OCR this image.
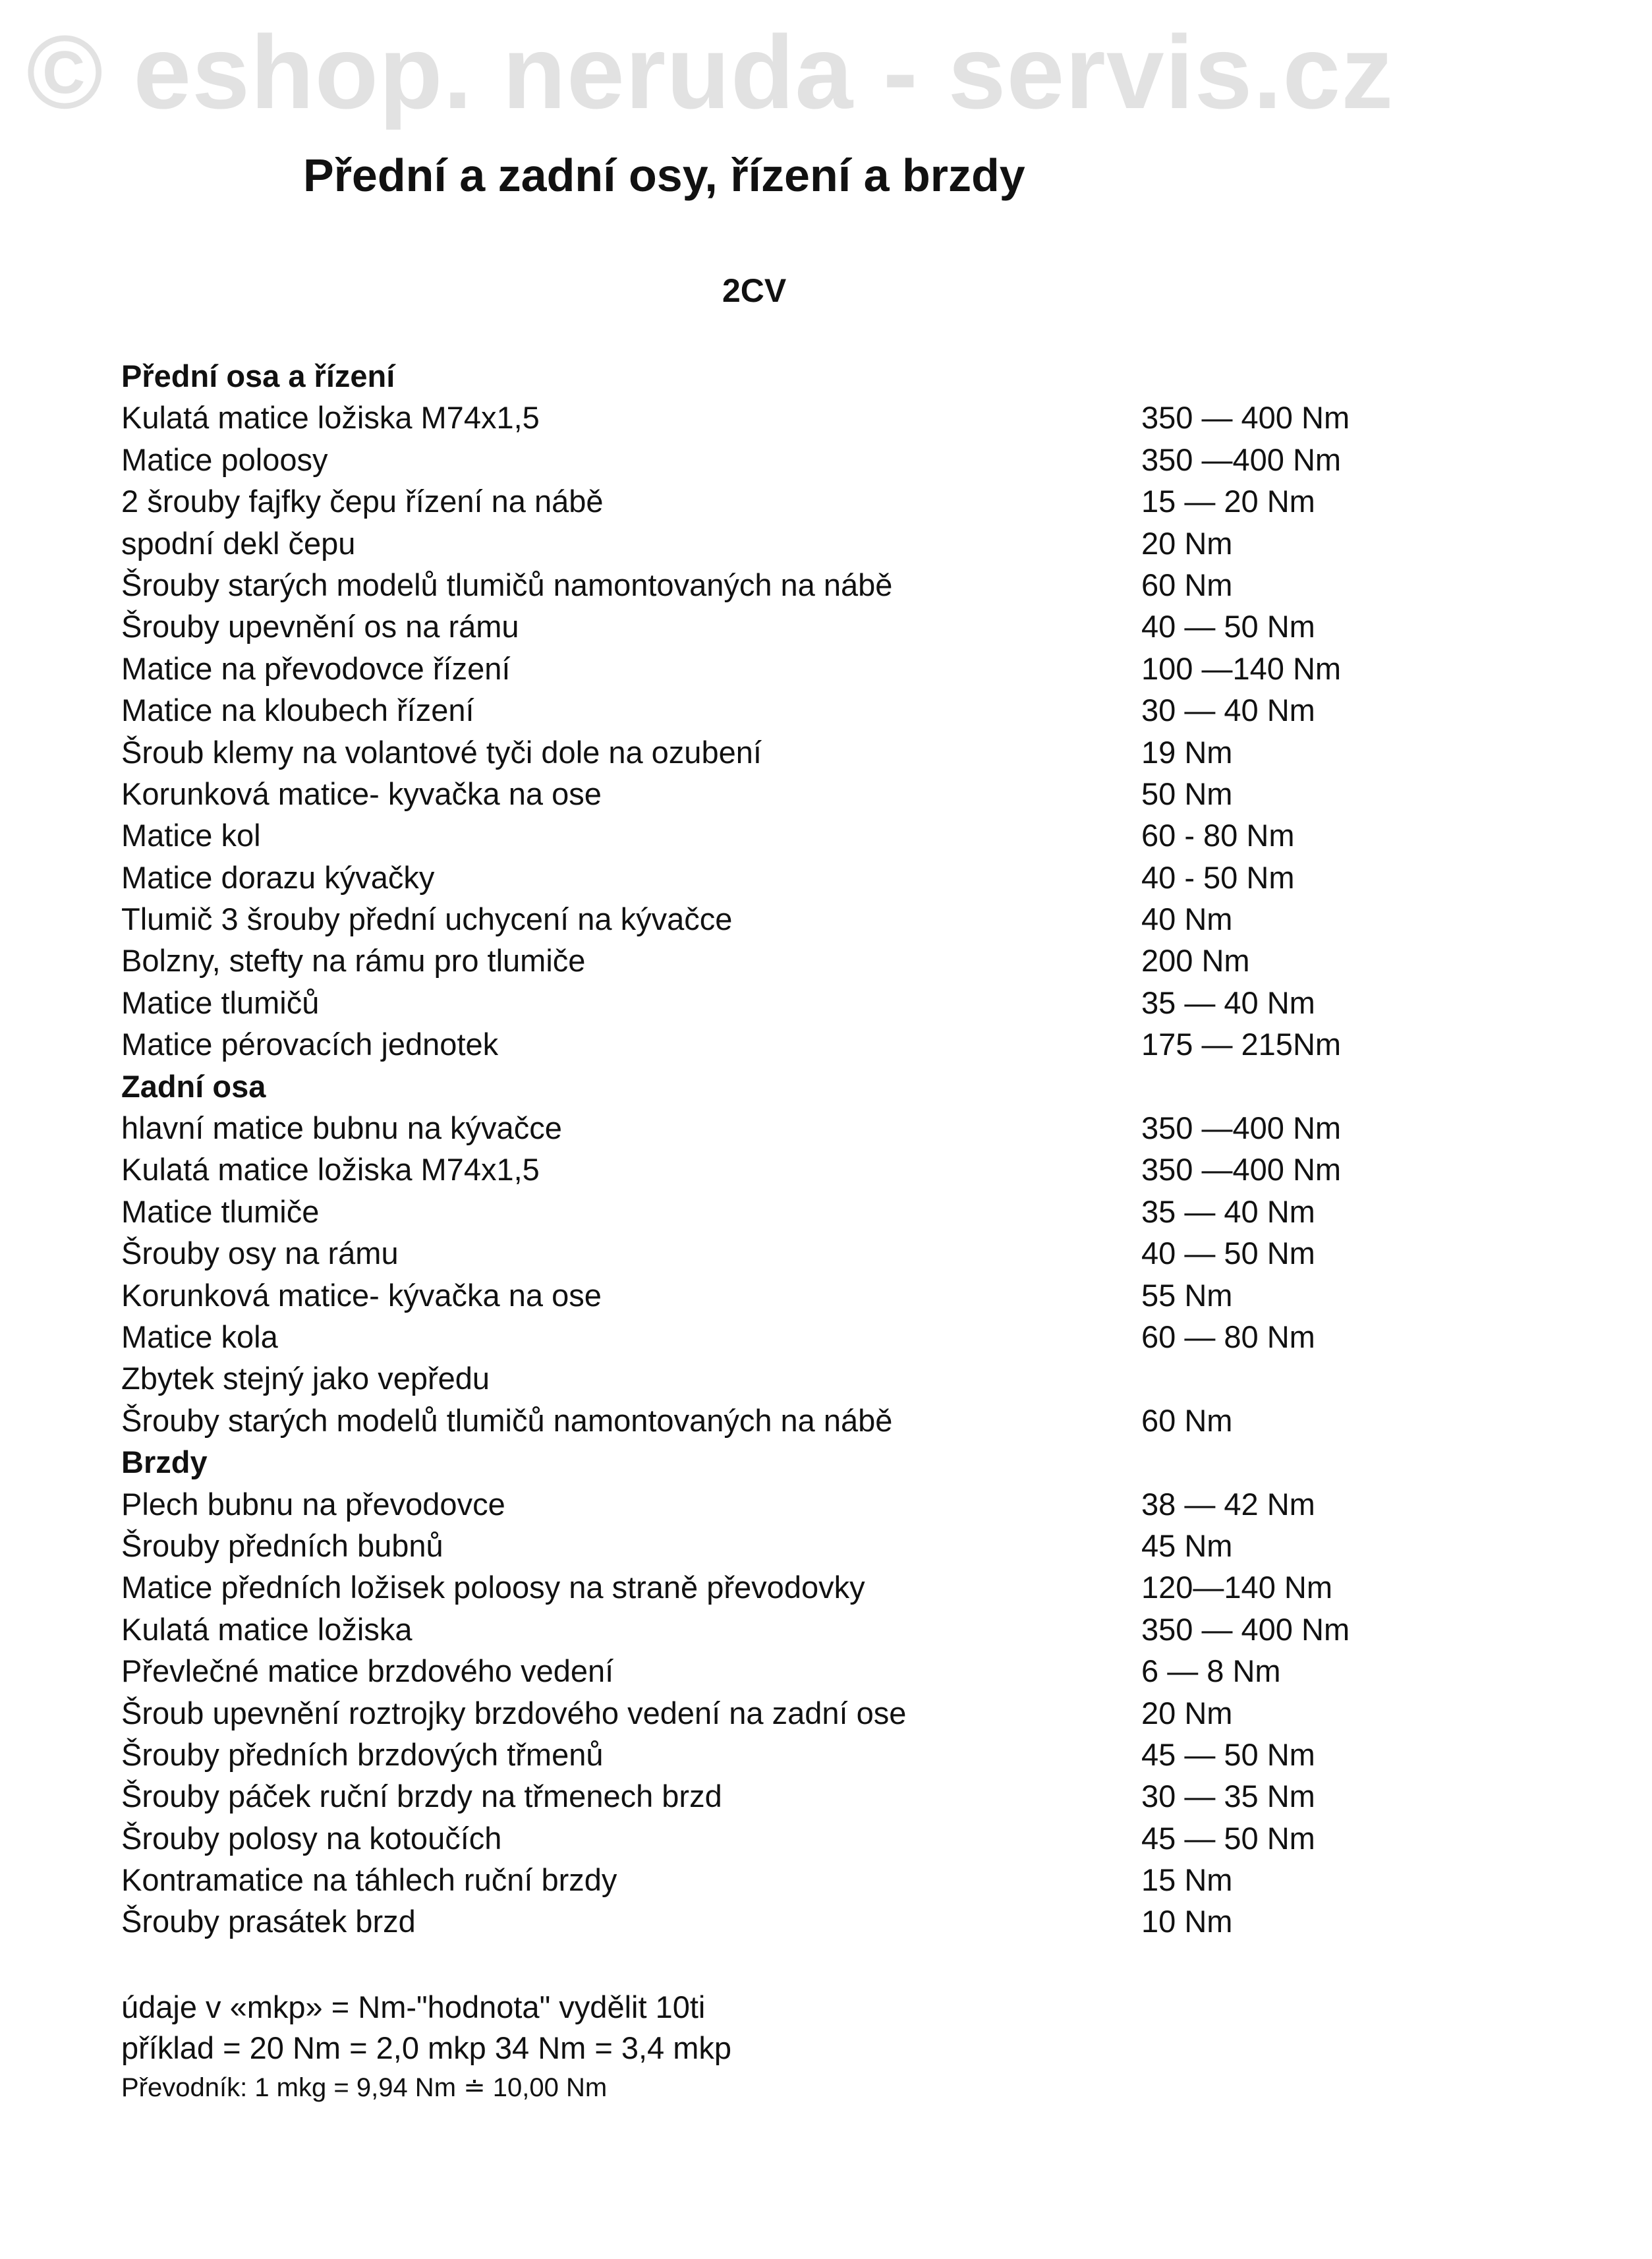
© eshop. neruda - servis.cz
Přední a zadní osy, řízení a brzdy
2CV
Přední osa a řízení
Kulatá matice ložiska M74x1,5	350 — 400 Nm
Matice poloosy	350 —400 Nm
2 šrouby fajfky čepu řízení na nábě	15 — 20 Nm
spodní dekl čepu	20 Nm
Šrouby starých modelů tlumičů namontovaných na nábě	60 Nm
Šrouby upevnění os na rámu	40 — 50 Nm
Matice na převodovce řízení	100 —140 Nm
Matice na kloubech řízení	30 — 40 Nm
Šroub klemy na volantové tyči dole na ozubení	19 Nm
Korunková matice- kyvačka na ose	50 Nm
Matice kol	60 - 80 Nm
Matice dorazu kývačky	40 - 50 Nm
Tlumič 3 šrouby přední uchycení na kývačce	40 Nm
Bolzny, stefty na rámu pro tlumiče	200 Nm
Matice tlumičů	35 — 40 Nm
Matice pérovacích jednotek	175 — 215Nm
Zadní osa
hlavní matice bubnu na kývačce	350 —400 Nm
Kulatá matice ložiska M74x1,5	350 —400 Nm
Matice tlumiče	35 — 40 Nm
Šrouby osy na rámu	40 — 50 Nm
Korunková matice- kývačka na ose	55 Nm
Matice kola	60 — 80 Nm
Zbytek stejný jako vepředu
Šrouby starých modelů tlumičů namontovaných na nábě	60 Nm
Brzdy
Plech bubnu na převodovce	38 — 42 Nm
Šrouby předních bubnů	45 Nm
Matice předních ložisek poloosy na straně převodovky	120—140 Nm
Kulatá matice ložiska	350 — 400 Nm
Převlečné matice brzdového vedení	6 — 8 Nm
Šroub upevnění roztrojky brzdového vedení na zadní ose	20 Nm
Šrouby předních brzdových třmenů	45 — 50 Nm
Šrouby páček ruční brzdy na třmenech brzd	30 — 35 Nm
Šrouby polosy na kotoučích	45 — 50 Nm
Kontramatice na táhlech ruční brzdy	15 Nm
Šrouby prasátek brzd	10 Nm
údaje v «mkp» = Nm-"hodnota" vydělit 10ti
příklad = 20 Nm = 2,0 mkp 34 Nm = 3,4 mkp
Převodník: 1 mkg = 9,94 Nm ≐ 10,00 Nm
